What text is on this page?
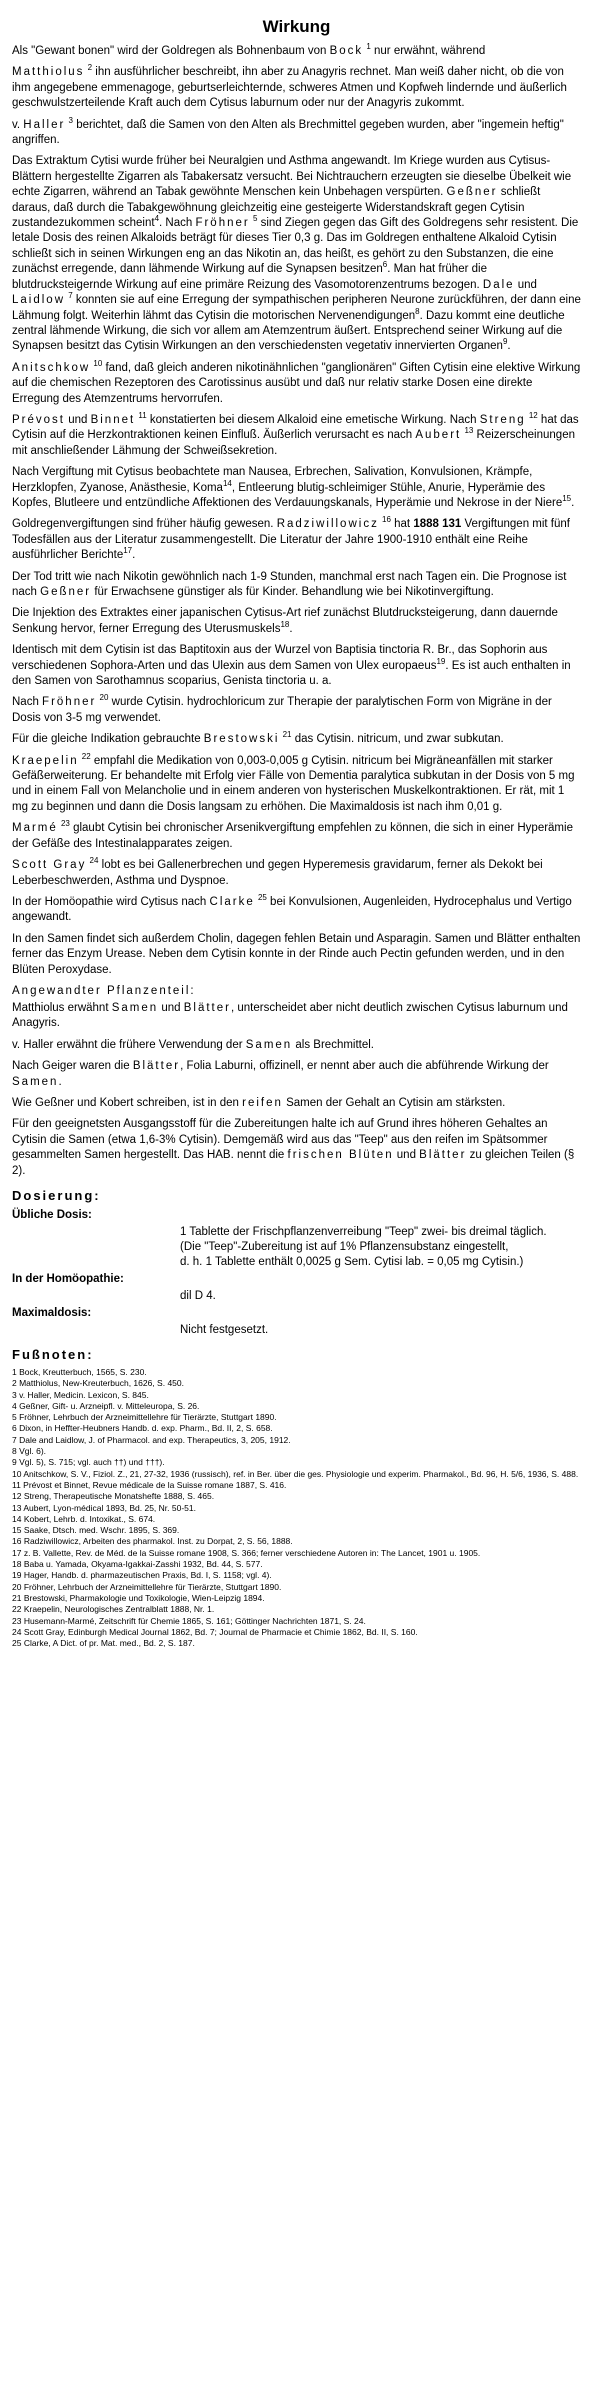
Wirkung
Als "Gewant bonen" wird der Goldregen als Bohnenbaum von Bock $^1$ nur erwähnt, während
Matthiolus $^2$ ihn ausführlicher beschreibt, ihn aber zu Anagyris rechnet. Man weiß daher nicht, ob die von ihm angegebene emmenagoge, geburtserleichternde, schweres Atmen und Kopfweh lindernde und äußerlich geschwulstzerteilende Kraft auch dem Cytisus laburnum oder nur der Anagyris zukommt.
v. Haller $^3$ berichtet, daß die Samen von den Alten als Brechmittel gegeben wurden, aber "ingemein heftig" angriffen.
Das Extraktum Cytisi wurde früher bei Neuralgien und Asthma angewandt. Im Kriege wurden aus Cytisus-Blättern hergestellte Zigarren als Tabakersatz versucht. Bei Nichtrauchern erzeugten sie dieselbe Übelkeit wie echte Zigarren, während an Tabak gewöhnte Menschen kein Unbehagen verspürten. Geßner schließt daraus, daß durch die Tabakgewöhnung gleichzeitig eine gesteigerte Widerstandskraft gegen Cytisin zustandezukommen scheint$^4$. Nach Fröhner $^5$ sind Ziegen gegen das Gift des Goldregens sehr resistent. Die letale Dosis des reinen Alkaloids beträgt für dieses Tier 0,3 g. Das im Goldregen enthaltene Alkaloid Cytisin schließt sich in seinen Wirkungen eng an das Nikotin an, das heißt, es gehört zu den Substanzen, die eine zunächst erregende, dann lähmende Wirkung auf die Synapsen besitzen$^6$. Man hat früher die blutdrucksteigernde Wirkung auf eine primäre Reizung des Vasomotorenzentrums bezogen. Dale und Laidlow $^7$ konnten sie auf eine Erregung der sympathischen peripheren Neurone zurückführen, der dann eine Lähmung folgt. Weiterhin lähmt das Cytisin die motorischen Nervenendigungen$^8$. Dazu kommt eine deutliche zentral lähmende Wirkung, die sich vor allem am Atemzentrum äußert. Entsprechend seiner Wirkung auf die Synapsen besitzt das Cytisin Wirkungen an den verschiedensten vegetativ innervierten Organen$^9$.
Anitschkow $^{10}$ fand, daß gleich anderen nikotinähnlichen "ganglionären" Giften Cytisin eine elektive Wirkung auf die chemischen Rezeptoren des Carotissinus ausübt und daß nur relativ starke Dosen eine direkte Erregung des Atemzentrums hervorrufen.
Prévost und Binnet $^{11}$ konstatierten bei diesem Alkaloid eine emetische Wirkung. Nach Streng $^{12}$ hat das Cytisin auf die Herzkontraktionen keinen Einfluß. Äußerlich verursacht es nach Aubert $^{13}$ Reizerscheinungen mit anschließender Lähmung der Schweißsekretion.
Nach Vergiftung mit Cytisus beobachtete man Nausea, Erbrechen, Salivation, Konvulsionen, Krämpfe, Herzklopfen, Zyanose, Anästhesie, Koma$^{14}$, Entleerung blutig-schleimiger Stühle, Anurie, Hyperämie des Kopfes, Blutleere und entzündliche Affektionen des Verdauungskanals, Hyperämie und Nekrose in der Niere$^{15}$.
Goldregenvergiftungen sind früher häufig gewesen. Radziwillowicz $^{16}$ hat 1888 131 Vergiftungen mit fünf Todesfällen aus der Literatur zusammengestellt. Die Literatur der Jahre 1900-1910 enthält eine Reihe ausführlicher Berichte$^{17}$.
Der Tod tritt wie nach Nikotin gewöhnlich nach 1-9 Stunden, manchmal erst nach Tagen ein. Die Prognose ist nach Geßner für Erwachsene günstiger als für Kinder. Behandlung wie bei Nikotinvergiftung.
Die Injektion des Extraktes einer japanischen Cytisus-Art rief zunächst Blutdrucksteigerung, dann dauernde Senkung hervor, ferner Erregung des Uterusmuskels$^{18}$.
Identisch mit dem Cytisin ist das Baptitoxin aus der Wurzel von Baptisia tinctoria R. Br., das Sophorin aus verschiedenen Sophora-Arten und das Ulexin aus dem Samen von Ulex europaeus$^{19}$. Es ist auch enthalten in den Samen von Sarothamnus scoparius, Genista tinctoria u. a.
Nach Fröhner $^{20}$ wurde Cytisin. hydrochloricum zur Therapie der paralytischen Form von Migräne in der Dosis von 3-5 mg verwendet.
Für die gleiche Indikation gebrauchte Brestowski $^{21}$ das Cytisin. nitricum, und zwar subkutan.
Kraepelin $^{22}$ empfahl die Medikation von 0,003-0,005 g Cytisin. nitricum bei Migräneanfällen mit starker Gefäßerweiterung. Er behandelte mit Erfolg vier Fälle von Dementia paralytica subkutan in der Dosis von 5 mg und in einem Fall von Melancholie und in einem anderen von hysterischen Muskelkontraktionen. Er rät, mit 1 mg zu beginnen und dann die Dosis langsam zu erhöhen. Die Maximaldosis ist nach ihm 0,01 g.
Marmé $^{23}$ glaubt Cytisin bei chronischer Arsenikvergiftung empfehlen zu können, die sich in einer Hyperämie der Gefäße des Intestinalapparates zeigen.
Scott Gray $^{24}$ lobt es bei Gallenerbrechen und gegen Hyperemesis gravidarum, ferner als Dekokt bei Leberbeschwerden, Asthma und Dyspnoe.
In der Homöopathie wird Cytisus nach Clarke $^{25}$ bei Konvulsionen, Augenleiden, Hydrocephalus und Vertigo angewandt.
In den Samen findet sich außerdem Cholin, dagegen fehlen Betain und Asparagin. Samen und Blätter enthalten ferner das Enzym Urease. Neben dem Cytisin konnte in der Rinde auch Pectin gefunden werden, und in den Blüten Peroxydase.
Angewandter Pflanzenteil:
Matthiolus erwähnt Samen und Blätter, unterscheidet aber nicht deutlich zwischen Cytisus laburnum und Anagyris.
v. Haller erwähnt die frühere Verwendung der Samen als Brechmittel.
Nach Geiger waren die Blätter, Folia Laburni, offizinell, er nennt aber auch die abführende Wirkung der Samen.
Wie Geßner und Kobert schreiben, ist in den reifen Samen der Gehalt an Cytisin am stärksten.
Für den geeignetsten Ausgangsstoff für die Zubereitungen halte ich auf Grund ihres höheren Gehaltes an Cytisin die Samen (etwa 1,6-3% Cytisin). Demgemäß wird aus das "Teep" aus den reifen im Spätsommer gesammelten Samen hergestellt. Das HAB. nennt die frischen Blüten und Blätter zu gleichen Teilen (§ 2).
Dosierung:
Übliche Dosis:
1 Tablette der Frischpflanzenverreibung "Teep" zwei- bis dreimal täglich.
(Die "Teep"-Zubereitung ist auf 1% Pflanzensubstanz eingestellt,
d. h. 1 Tablette enthält 0,0025 g Sem. Cytisi lab. = 0,05 mg Cytisin.)
In der Homöopathie:
dil D 4.
Maximaldosis:
Nicht festgesetzt.
Fußnoten:
1 Bock, Kreutterbuch, 1565, S. 230.
2 Matthiolus, New-Kreuterbuch, 1626, S. 450.
3 v. Haller, Medicin. Lexicon, S. 845.
4 Geßner, Gift- u. Arzneipfl. v. Mitteleuropa, S. 26.
5 Fröhner, Lehrbuch der Arzneimittellehre für Tierärzte, Stuttgart 1890.
6 Dixon, in Heffter-Heubners Handb. d. exp. Pharm., Bd. II, 2, S. 658.
7 Dale and Laidlow, J. of Pharmacol. and exp. Therapeutics, 3, 205, 1912.
8 Vgl. 6).
9 Vgl. 5), S. 715; vgl. auch ††) und †††).
10 Anitschkow, S. V., Fiziol. Z., 21, 27-32, 1936 (russisch), ref. in Ber. über die ges. Physiologie und experim. Pharmakol., Bd. 96, H. 5/6, 1936, S. 488.
11 Prévost et Binnet, Revue médicale de la Suisse romane 1887, S. 416.
12 Streng, Therapeutische Monatshefte 1888, S. 465.
13 Aubert, Lyon-médical 1893, Bd. 25, Nr. 50-51.
14 Kobert, Lehrb. d. Intoxikat., S. 674.
15 Saake, Dtsch. med. Wschr. 1895, S. 369.
16 Radziwillowicz, Arbeiten des pharmakol. Inst. zu Dorpat, 2, S. 56, 1888.
17 z. B. Vallette, Rev. de Méd. de la Suisse romane 1908, S. 366; ferner verschiedene Autoren in: The Lancet, 1901 u. 1905.
18 Baba u. Yamada, Okyama-Igakkai-Zasshi 1932, Bd. 44, S. 577.
19 Hager, Handb. d. pharmazeutischen Praxis, Bd. I, S. 1158; vgl. 4).
20 Fröhner, Lehrbuch der Arzneimittellehre für Tierärzte, Stuttgart 1890.
21 Brestowski, Pharmakologie und Toxikologie, Wien-Leipzig 1894.
22 Kraepelin, Neurologisches Zentralblatt 1888, Nr. 1.
23 Husemann-Marmé, Zeitschrift für Chemie 1865, S. 161; Göttinger Nachrichten 1871, S. 24.
24 Scott Gray, Edinburgh Medical Journal 1862, Bd. 7; Journal de Pharmacie et Chimie 1862, Bd. II, S. 160.
25 Clarke, A Dict. of pr. Mat. med., Bd. 2, S. 187.
